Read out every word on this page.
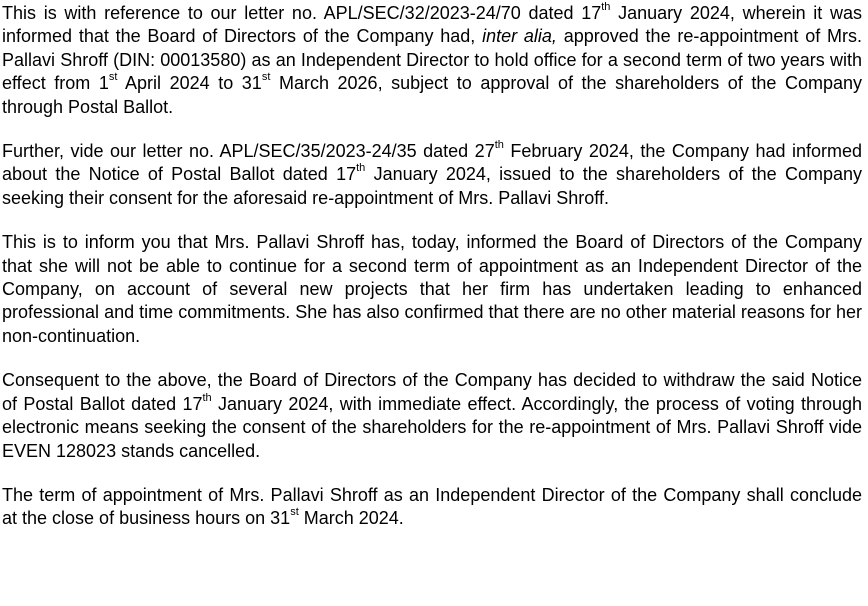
This is with reference to our letter no. APL/SEC/32/2023-24/70 dated 17th January 2024, wherein it was informed that the Board of Directors of the Company had, inter alia, approved the re-appointment of Mrs. Pallavi Shroff (DIN: 00013580) as an Independent Director to hold office for a second term of two years with effect from 1st April 2024 to 31st March 2026, subject to approval of the shareholders of the Company through Postal Ballot.

Further, vide our letter no. APL/SEC/35/2023-24/35 dated 27th February 2024, the Company had informed about the Notice of Postal Ballot dated 17th January 2024, issued to the shareholders of the Company seeking their consent for the aforesaid re-appointment of Mrs. Pallavi Shroff.

This is to inform you that Mrs. Pallavi Shroff has, today, informed the Board of Directors of the Company that she will not be able to continue for a second term of appointment as an Independent Director of the Company, on account of several new projects that her firm has undertaken leading to enhanced professional and time commitments. She has also confirmed that there are no other material reasons for her non-continuation.

Consequent to the above, the Board of Directors of the Company has decided to withdraw the said Notice of Postal Ballot dated 17th January 2024, with immediate effect. Accordingly, the process of voting through electronic means seeking the consent of the shareholders for the re-appointment of Mrs. Pallavi Shroff vide EVEN 128023 stands cancelled.

The term of appointment of Mrs. Pallavi Shroff as an Independent Director of the Company shall conclude at the close of business hours on 31st March 2024.
